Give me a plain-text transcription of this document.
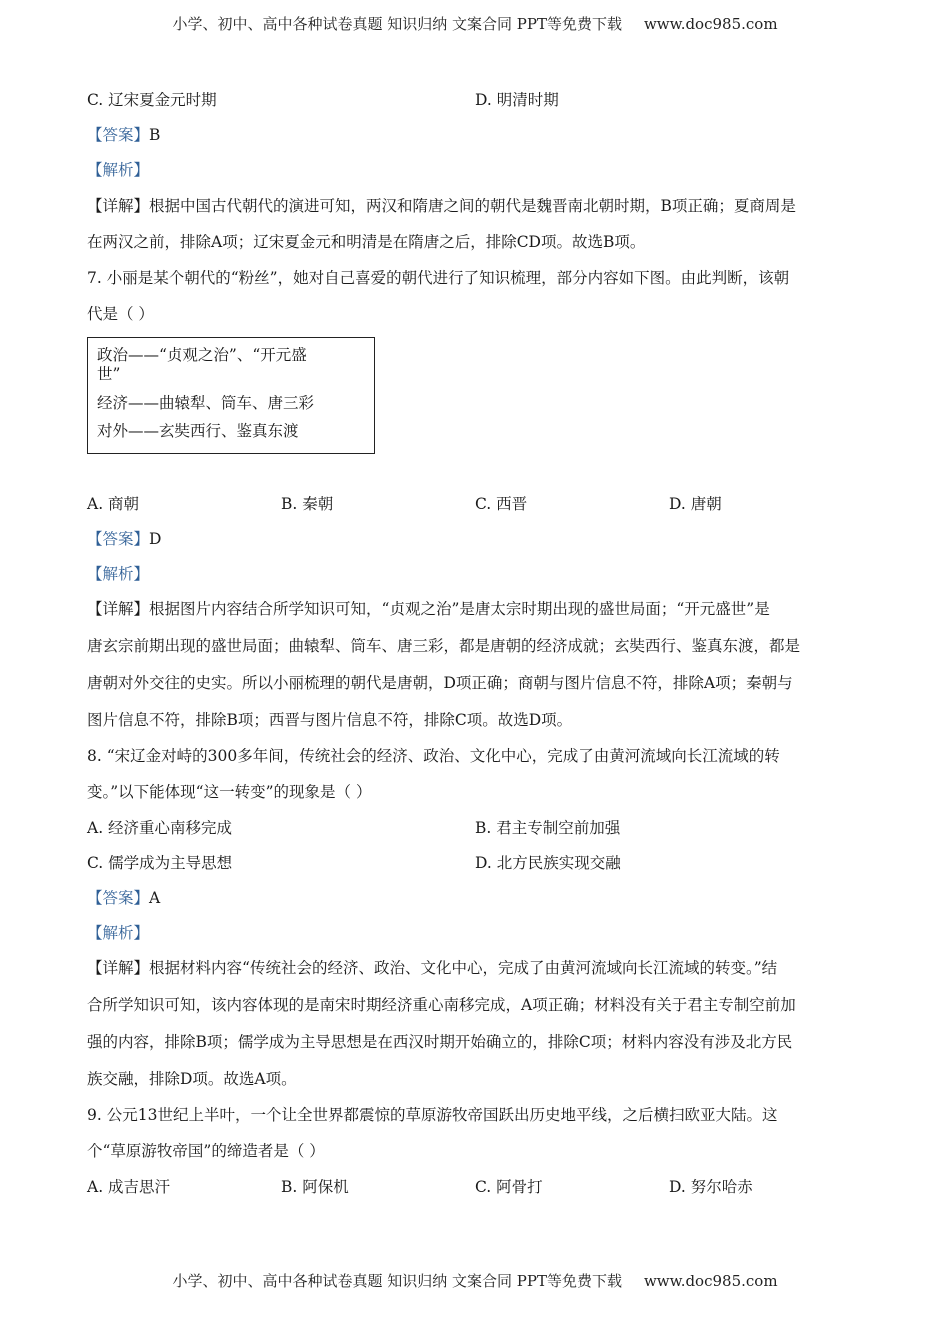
小学、初中、高中各种试卷真题 知识归纳 文案合同 PPT等免费下载 www.doc985.com
C. 辽宋夏金元时期	D. 明清时期
【答案】B
【解析】
【详解】根据中国古代朝代的演进可知，两汉和隋唐之间的朝代是魏晋南北朝时期，B项正确；夏商周是
在两汉之前，排除A项；辽宋夏金元和明清是在隋唐之后，排除CD项。故选B项。
7. 小丽是某个朝代的“粉丝”，她对自己喜爱的朝代进行了知识梳理，部分内容如下图。由此判断，该朝
代是（ ）
政治——“贞观之治”、“开元盛
世”
经济——曲辕犁、筒车、唐三彩
对外——玄奘西行、鉴真东渡
A. 商朝	B. 秦朝	C. 西晋	D. 唐朝
【答案】D
【解析】
【详解】根据图片内容结合所学知识可知，“贞观之治”是唐太宗时期出现的盛世局面；“开元盛世”是
唐玄宗前期出现的盛世局面；曲辕犁、筒车、唐三彩，都是唐朝的经济成就；玄奘西行、鉴真东渡，都是
唐朝对外交往的史实。所以小丽梳理的朝代是唐朝，D项正确；商朝与图片信息不符，排除A项；秦朝与
图片信息不符，排除B项；西晋与图片信息不符，排除C项。故选D项。
8. “宋辽金对峙的300多年间，传统社会的经济、政治、文化中心，完成了由黄河流域向长江流域的转
变。”以下能体现“这一转变”的现象是（ ）
A. 经济重心南移完成	B. 君主专制空前加强
C. 儒学成为主导思想	D. 北方民族实现交融
【答案】A
【解析】
【详解】根据材料内容“传统社会的经济、政治、文化中心，完成了由黄河流域向长江流域的转变。”结
合所学知识可知，该内容体现的是南宋时期经济重心南移完成，A项正确；材料没有关于君主专制空前加
强的内容，排除B项；儒学成为主导思想是在西汉时期开始确立的，排除C项；材料内容没有涉及北方民
族交融，排除D项。故选A项。
9. 公元13世纪上半叶，一个让全世界都震惊的草原游牧帝国跃出历史地平线，之后横扫欧亚大陆。这
个“草原游牧帝国”的缔造者是（ ）
A. 成吉思汗	B. 阿保机	C. 阿骨打	D. 努尔哈赤
小学、初中、高中各种试卷真题 知识归纳 文案合同 PPT等免费下载 www.doc985.com
